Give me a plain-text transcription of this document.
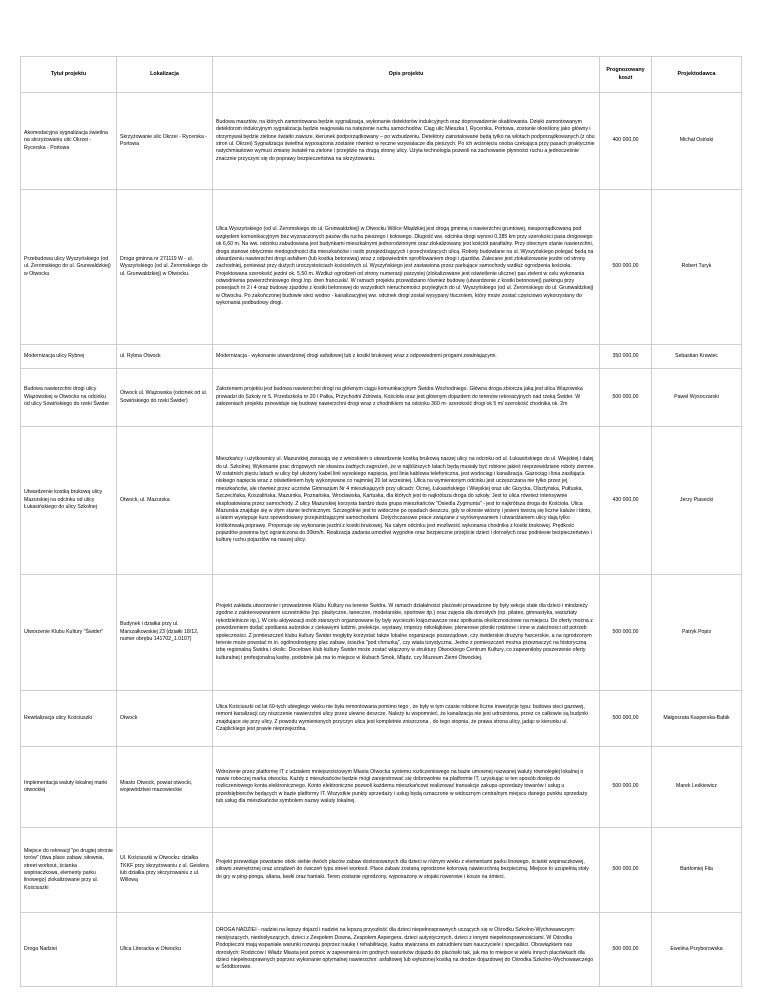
Tytuł projektu	Lokalizacja	Opis projektu	Prognozowany koszt	Projektodawca
Akomodacyjna sygnalizacja świetlna na skrzyżowaniu ulic Okrzei - Rycerska - Portowa	Skrzyżowanie ulic Okrzei - Rycerska - Portowa	Budowa masztów, na których zamontowana będzie sygnalizacja, wykonanie detektorów indukcyjnych oraz doprowadzenie okablowania. Dzięki zamontowanym detektorom indukcyjnym sygnalizacja będzie reagowała na natężenie ruchu samochodów. Ciąg ulic Mieszka I, Rycerska, Portowa, zostanie określony jako główny i otrzymywał będzie zielone światło zawsze, kierunek podporządkowany – po wzbudzeniu. Detektory zainstalowane będą tylko na wlotach podporządkowanych (z obu stron ul. Okrzei) Sygnalizacja świetlna wyposażona zostanie również w ręczne wzywalacze dla pieszych. Po ich wciśnięciu osoba czekająca przy pasach praktycznie natychmiastowo wymusi zmianę świateł na zielone i przejdzie na drugą stronę ulicy. Użyta technologia pozwoli na zachowanie płynności ruchu a jednocześnie znacznie przyczyni się do poprawy bezpieczeństwa na skrzyżowaniu.	400 000,00	Michał Osiński
Przebudowa ulicy Wyszyńskiego (od ul. Żeromskiego do ul. Grunwaldzkiej) w Otwocku	Droga gminna nr 271119 W - ul. Wyszyńskiego (od ul. Żeromskiego do ul. Grunwaldzkiej) w Otwocku.	Ulica Wyszyńskiego (od ul. Żeromskiego do ul. Grunwaldzkiej) w Otwocku Wólce Mlądzkiej jest drogą gminną o nawierzchni gruntowej, nieuporządkowaną pod względem komunikacyjnym bez wyznaczonych pasów dla ruchu pieszego i kołowego. Długość ww. odcinka drogi wynosi 0,285 km przy szerokości pasa drogowego ok 6,60 m. Na ww. odcinku zabudowana jest budynkami mieszkalnymi jednorodzinnymi oraz zlokalizowany jest kościół parafialny. Przy obecnym stanie nawierzchni, droga stanowi obtyczmie niedogodności dla mieszkańców i osób przejeżdżających i przechodzących ulicą. Roboty budowlane na ul. Wyszyńskiego polegać będą na utwardzeniu nawierzchni drogi asfaltem (lub kostką betonową) wraz z odpowiednim sprofilowaniem drogi i zjazdów. Zalecane jest zlokalizowanie jezdni od strony zachodniej, ponieważ przy dużych uroczystościach kościelnych ul. Wyszyńskiego jest zastawiona przez parkujące samochody wzdłuż ogrodzenia kościoła. Projektowana szerokość jezdni ok. 5,50 m. Wzdłuż ogrodzeń od strony numeracji parzystej (zlokalizowane jest oświetlenie uliczne) pas zieleni w celu wykonania odwodnienia powierzchniowego drogi /np. dren francuski/. W ramach projektu przewidziano również budowę (utwardzenie z kostki betonowej) parkingu przy posesjach nr 2 i 4 oraz budowę zjazdów z kostki betonowej do wszystkich nieruchomości przyległych do ul. Wyszyńskiego (od ul. Żeromskiego do ul. Grunwaldzkiej) w Otwocku. Po zakończonej budowie sieci wodno - kanalizacyjnej ww. odcinek drogi został wysypany tłuczniem, który może zostać częściowo wykorzystany do wykonania podbudowy drogi.	500 000,00	Robert Turyk
Modernizacja ulicy Rybnej	ul. Rybna Otwock	Modernizacja - wykonanie utwardzonej drogi asfaltowej lub z kostki brukowej wraz z odpowiednimi progami zwalniającymi.	350 000,00	Sebastian Krawiec
Budowa nawierzchni drogi ulicy Wiązowskiej w Otwocku na odcinku od ulicy Sowińskiego do rzeki Świder	Otwock ul. Wiązowska (odcinek od ul. Sowińskiego do rzeki Świder)	Założeniem projektu jest budowa nawierzchni drogi na głównym ciągu komunikacyjnym Świdra Wschodniego. Główna droga zbiorcza jaką jest ulica Wiązowska prowadzi do Szkoły nr 5, Przedszkola nr 20 i Patka, Przychodni Zdrowia, Kościoła oraz jest głównym dojazdem do terenów rekreacyjnych nad rzeką Świder. W założeniach projektu przewiduje się budowę nawierzchni drogi wraz z chodnikiem na odcinku 360 m- szerokość drogi ok 5 m/ szerokość chodnika ok. 2m	500 000,00	Paweł Wysoczarski
Utwardzenie kostką brukową ulicy Mazurskiej na odcinku od ulicy Łukasińskiego do ulicy Szkolnej	Otwock, ul. Mazurska	Mieszkańcy i użytkownicy ul. Mazurskiej zwracają się z wnioskiem o utwardzenie kostką brukową naszej ulicy na odcinku od ul. Łukasińskiego do ul. Wiejskiej i dalej do ul. Szkolnej. Wykonanie prac drogowych nie stwarza żadnych zagrożeń, że w najbliższych latach będą musiały być robione jakieś nieprzewidziane roboty ziemne. W ostatnich pięciu latach w ulicy był ułożony kabel linii wysokiego napięcia, jest linia kablowa telefoniczna, jest wodociąg i kanalizacja. Gazociąg i linia zasilająca niskiego napięcia wraz z oświetleniem były wykonywane co najmniej 20 lat wcześniej. Ulica na wymienionym odcinku jest uczęszczana nie tylko przez jej mieszkańców, ale również przez uczniów Gimnazjum Nr 4 mieszkających przy ulicach: Ocnej, Łukasińskiego i Wiejskiej oraz ulic Gizycka, Olsztyńska, Pułtuska, Szczecińska, Koszalińska, Mazurska, Poznańska, Wrocławska, Kartuska, dla których jest to najkrótsza droga do szkoły. Jest to ulica również intensywnie eksploatowana przez samochody. Z ulicy Mazurskiej korzysta bardzo duża grupa mieszkańców "Osiedla Zygmunta" - jest to najkrótsza droga do Kościoła. Ulica Mazurska znajduje się w złym stanie technicznym. Szczególnie jest to widoczne po opadach deszczu, gdy w okresie wiosny i jesieni tworzą się liczne kałuże i błoto, a latem występuje kurz spowodowany przejeżdżającymi samochodami. Dotychczasowe prace związane z wyrównywaniem i utwardzaniem ulicy dają tylko krótkotrwałą poprawę. Proponuje się wykonanie jezdni z kostki brukowej. Na całym odcinku jest możliwość wykonania chodnika z kostki brukowej. Prędkość pojazdów powinna być ograniczona do 30km/h. Realizacja zadania umożliwi wygodne oraz bezpieczne przejście dzieci i dorosłych oraz podniesie bezpieczeństwo i kulturę ruchu pojazdów na naszej ulicy.	430 000,00	Jerzy Piasecki
Utworzenie Klubu Kultury "Świder"	Budynek i działka przy ul. Marszałkowskiej 23 (działki 18/12, numer obrębu 141702_1.0107)	Projekt zakłada utworzenie i prowadzenie Klubu Kultury na terenie Świdra. W ramach działalności placówki prowadzone by były sekcje stałe dla dzieci i młodzieży zgodne z zainteresowaniem uczestników (np. plastyczne, taneczne, modelarskie, sportowe itp.) oraz zajęcia dla dorosłych (np. pilates, gimnastyka, warsztaty rękodzielnicze itp.). W celu aktywizacji osób starszych organizowane by były wycieczki krajoznawcze oraz spotkania okolicznościowe na miejscu. Do oferty można z powodzeniem dodać spotkania autorskie z ciekawymi ludźmi, prelekcje, wystawy, imprezy mikołajkowe, plenerowe pikniki rodzinne i inne w zależności od potrzeb społeczności. Z pomieszczeń klubu kultury Świder mogłyby korzystać także lokalne organizacje pozarządowe, czy świderskie drużyny harcerskie, a na ogrodzonym terenie może powstać m.in. ogólnodostępny plac zabaw, ścieżka "pod chmurką", czy wiata turystyczna. Jedno z pomieszczeń można przeznaczyć na historyczną izbę regionalną Świdra i okolic. Docelowo klub kultury Świder może zostać włączony w struktury Otwockiego Centrum Kultury, co zapewniłoby poszerzenie oferty kulturalnej i profesjonalną kadrę, podobnie jak ma to miejsce w klubach Smok, Mlądz, czy Muzeum Ziemi Otwockiej.	500 000,00	Patryk Popis
Rewitalizacja ulicy Kościuszki	Otwock	Ulica Kościuszki od lat 60-tych ubiegłego wieku nie była remontowana pomimo tego , że były w tym czasie robione liczne inwestycje typu: budowa sieci gazowej, remont kanalizacji czy niszczenie nawierzchni ulicy przez ulewne deszcze. Należy tu wspomnieć, że kanalizacja nie jest udrożniona, przez co całkowie są budynki znajdujące się przy ulicy. Z powodu wymienionych przyczyn ulica jest kompletnie zniszczona , do tego stopnia, że prawa strona ulicy, jadąc w kierunku ul. Czaplickiego jest prawie nieprzejezdna.	500 000,00	Małgorzata Kasperska-Babik
Implementacja waluty lokalnej marki otwockiej	Miasto Otwock, powiat otwocki, województwo mazowieckie	Wdrożenie przez platformę IT z udziałem mniejszościowym Miasta Otwocka systemu rozliczeniowego na bazie umownej nazwanej waluty równoległej lokalnej o nawie roboczej marka otwocka. Każdy z mieszkańców będzie mógł zarejestrować się dobrowolnie na platformie IT, uzyskując w ten sposób dostęp do rozliczeniowego konta elektronicznego. Konto elektroniczne pozwoli każdemu mieszkańcowi realizować transakcje zakupu-sprzedaży towarów i usług u przedsiębiorców będących w bazie platformy IT. Wszystkie punkty sprzedaży i usług będą oznaczone w widocznym centralnym miejscu danego punktu sprzedaży tub usług dla mieszkańców symbolem nazwy waluty lokalnej.	500 000,00	Marek Leśkiewicz
Miejsce do rekreacji "po drugiej stronie torów" (dwa place zabaw, siłownia, street workout, ścianka wspinaczkowa, elementy parku linowego) zlokalizowane przy ul. Kościuszki	Ul. Kościuszki w Otwocku: działka TKKF przy skrzyżowaniu z ul. Geislera lub działka przy skrzyżowaniu z ul. Willową	Projekt przewiduje powstanie obok siebie dwóch placów zabaw dostosowanych dla dzieci w różnym wieku z elementami parku linowego, ścianki wspinaczkowej, siłowni zewnętrznej oraz urządzeń do ćwiczeń typu street workout. Place zabaw zostaną ogrodzone kolorową nawierzchnią bezpieczną. Miejsce to uzupełnią stoły do gry w ping-ponga, altana, ławki oraz hamaki. Teren zostanie ogrodzony, wyposażony w stojaki rowerowe i kosze na śmieci.	500 000,00	Bartłomiej Fila
Droga Nadziei	Ulica Literacka w Otwocku	DROGA NADZIEI - nadziei na lepszy dojazd i nadziei na lepszą przyszłość dla dzieci niepełnosprawnych uczących się w Ośrodku Szkolno-Wychowawczym: niesłyszących, niedosłyszących, dzieci z Zespołem Downa, Zespołem Aspergera, dzieci autystycznych, dzieci z innymi niepełnosprawnościami. W Ośrodku Podopieczni mają wspaniałe warunki rozwoju poprzez naukę i rehabilitację, kadra stwarzana im zatrudnieni tam nauczyciele i specjaliści. Obowiązkiem nas dorosłych: Rodziców i Władz Miasta jest pomoc w zapewnieniu im godnych warunków dojazdu do placówki tak, jak ma to miejsce w wielu innych placówkach dla dzieci niepełnosprawnych poprzez wykonanie optymalnej nawierzchni: asfaltowej lub wyłożonej kostką na drodze dojazdowej do Ośrodka Szkolno-Wychowawczego w Śródborowie.	500 000,00	Ewelina Przyborowska
